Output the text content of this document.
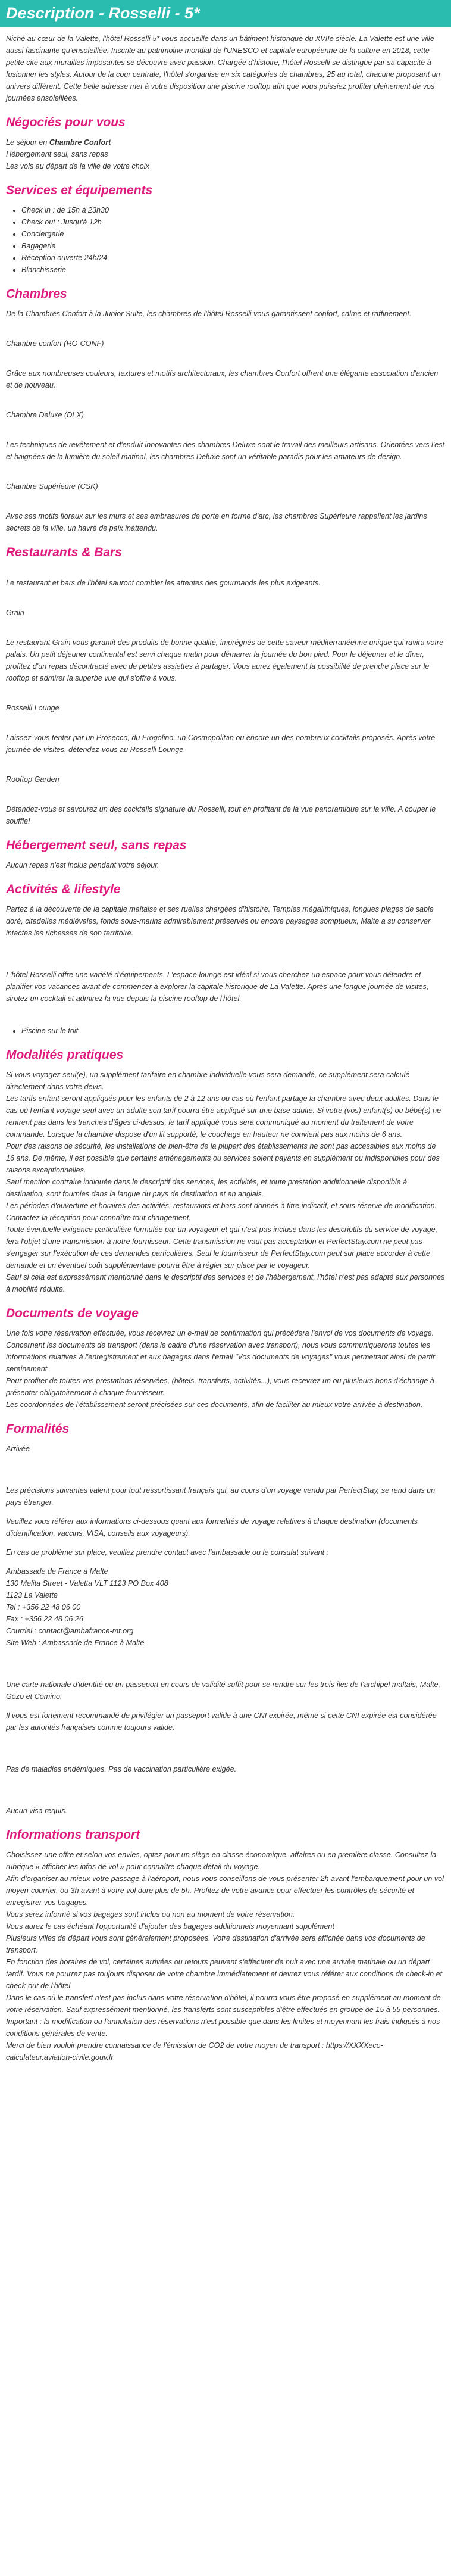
Description - Rosselli - 5*

Niché au cœur de la Valette, l'hôtel Rosselli 5* vous accueille dans un bâtiment historique du XVIIe siècle. La Valette est une ville aussi fascinante qu'ensoleillée. Inscrite au patrimoine mondial de l'UNESCO et capitale européenne de la culture en 2018, cette petite cité aux murailles imposantes se découvre avec passion. Chargée d'histoire, l'hôtel Rosselli se distingue par sa capacité à fusionner les styles. Autour de la cour centrale, l'hôtel s'organise en six catégories de chambres, 25 au total, chacune proposant un univers différent. Cette belle adresse met à votre disposition une piscine rooftop afin que vous puissiez profiter pleinement de vos journées ensoleillées.

Négociés pour vous

Le séjour en Chambre Confort
Hébergement seul, sans repas
Les vols au départ de la ville de votre choix

Services et équipements
• Check in : de 15h à 23h30
• Check out : Jusqu'à 12h
• Conciergerie
• Bagagerie
• Réception ouverte 24h/24
• Blanchisserie
Chambres

De la Chambres Confort à la Junior Suite, les chambres de l'hôtel Rosselli vous garantissent confort, calme et raffinement.

Chambre confort (RO-CONF)

Grâce aux nombreuses couleurs, textures et motifs architecturaux, les chambres Confort offrent une élégante association d'ancien et de nouveau.

Chambre Deluxe (DLX)

Les techniques de revêtement et d'enduit innovantes des chambres Deluxe sont le travail des meilleurs artisans. Orientées vers l'est et baignées de la lumière du soleil matinal, les chambres Deluxe sont un véritable paradis pour les amateurs de design.

Chambre Supérieure (CSK)

Avec ses motifs floraux sur les murs et ses embrasures de porte en forme d'arc, les chambres Supérieure rappellent les jardins secrets de la ville, un havre de paix inattendu.

Restaurants & Bars

Le restaurant et bars de l'hôtel sauront combler les attentes des gourmands les plus exigeants.

Grain

Le restaurant Grain vous garantit des produits de bonne qualité, imprégnés de cette saveur méditerranéenne unique qui ravira votre palais. Un petit déjeuner continental est servi chaque matin pour démarrer la journée du bon pied. Pour le déjeuner et le dîner, profitez d'un repas décontracté avec de petites assiettes à partager. Vous aurez également la possibilité de prendre place sur le rooftop et admirer la superbe vue qui s'offre à vous.

Rosselli Lounge

Laissez-vous tenter par un Prosecco, du Frogolino, un Cosmopolitan ou encore un des nombreux cocktails proposés. Après votre journée de visites, détendez-vous au Rosselli Lounge.

Rooftop Garden

Détendez-vous et savourez un des cocktails signature du Rosselli, tout en profitant de la vue panoramique sur la ville. A couper le souffle!

Hébergement seul, sans repas

Aucun repas n'est inclus pendant votre séjour.

Activités & lifestyle

Partez à la découverte de la capitale maltaise et ses ruelles chargées d'histoire. Temples mégalithiques, longues plages de sable doré, citadelles médiévales, fonds sous-marins admirablement préservés ou encore paysages somptueux, Malte a su conserver intactes les richesses de son territoire.

L'hôtel Rosselli offre une variété d'équipements. L'espace lounge est idéal si vous cherchez un espace pour vous détendre et planifier vos vacances avant de commencer à explorer la capitale historique de La Valette. Après une longue journée de visites, sirotez un cocktail et admirez la vue depuis la piscine rooftop de l'hôtel.

• Piscine sur le toit
Modalités pratiques

Si vous voyagez seul(e), un supplément tarifaire en chambre individuelle vous sera demandé, ce supplément sera calculé directement dans votre devis.

Les tarifs enfant seront appliqués pour les enfants de 2 à 12 ans ou cas où l'enfant partage la chambre avec deux adultes. Dans le cas où l'enfant voyage seul avec un adulte son tarif pourra être appliqué sur une base adulte. Si votre (vos) enfant(s) ou bébé(s) ne rentrent pas dans les tranches d'âges ci-dessus, le tarif appliqué vous sera communiqué au moment du traitement de votre commande. Lorsque la chambre dispose d'un lit supporté, le couchage en hauteur ne convient pas aux moins de 6 ans.

Pour des raisons de sécurité, les installations de bien-être de la plupart des établissements ne sont pas accessibles aux moins de 16 ans. De même, il est possible que certains aménagements ou services soient payants en supplément ou indisponibles pour des raisons exceptionnelles.

Sauf mention contraire indiquée dans le descriptif des services, les activités, et toute prestation additionnelle disponible à destination, sont fournies dans la langue du pays de destination et en anglais.

Les périodes d'ouverture et horaires des activités, restaurants et bars sont donnés à titre indicatif, et sous réserve de modification. Contactez la réception pour connaître tout changement.

Toute éventuelle exigence particulière formulée par un voyageur et qui n'est pas incluse dans les descriptifs du service de voyage, fera l'objet d'une transmission à notre fournisseur. Cette transmission ne vaut pas acceptation et PerfectStay.com ne peut pas s'engager sur l'exécution de ces demandes particulières. Seul le fournisseur de PerfectStay.com peut sur place accorder à cette demande et un éventuel coût supplémentaire pourra être à régler sur place par le voyageur.

Sauf si cela est expressément mentionné dans le descriptif des services et de l'hébergement, l'hôtel n'est pas adapté aux personnes à mobilité réduite.

Documents de voyage

Une fois votre réservation effectuée, vous recevrez un e-mail de confirmation qui précédera l'envoi de vos documents de voyage.

Concernant les documents de transport (dans le cadre d'une réservation avec transport), nous vous communiquerons toutes les informations relatives à l'enregistrement et aux bagages dans l'email "Vos documents de voyages" vous permettant ainsi de partir sereinement.

Pour profiter de toutes vos prestations réservées, (hôtels, transferts, activités...), vous recevrez un ou plusieurs bons d'échange à présenter obligatoirement à chaque fournisseur.

Les coordonnées de l'établissement seront précisées sur ces documents, afin de faciliter au mieux votre arrivée à destination.

Formalités

Arrivée

Les précisions suivantes valent pour tout ressortissant français qui, au cours d'un voyage vendu par PerfectStay, se rend dans un pays étranger.

Veuillez vous référer aux informations ci-dessous quant aux formalités de voyage relatives à chaque destination (documents d'identification, vaccins, VISA, conseils aux voyageurs).

En cas de problème sur place, veuillez prendre contact avec l'ambassade ou le consulat suivant :

Ambassade de France à Malte

130 Melita Street - Valetta VLT 1123 PO Box 408

1123 La Valette

Tel : +356 22 48 06 00

Fax : +356 22 48 06 26

Courriel : contact@ambafrance-mt.org

Site Web : Ambassade de France à Malte

Une carte nationale d'identité ou un passeport en cours de validité suffit pour se rendre sur les trois îles de l'archipel maltais, Malte, Gozo et Comino.

Il vous est fortement recommandé de privilégier un passeport valide à une CNI expirée, même si cette CNI expirée est considérée par les autorités françaises comme toujours valide.

Pas de maladies endémiques. Pas de vaccination particulière exigée.

Aucun visa requis.

Informations transport

Choisissez une offre et selon vos envies, optez pour un siège en classe économique, affaires ou en première classe. Consultez la rubrique « afficher les infos de vol » pour connaître chaque détail du voyage.

Afin d'organiser au mieux votre passage à l'aéroport, nous vous conseillons de vous présenter 2h avant l'embarquement pour un vol moyen-courrier, ou 3h avant à votre vol dure plus de 5h. Profitez de votre avance pour effectuer les contrôles de sécurité et enregistrer vos bagages.

Vous serez informé si vos bagages sont inclus ou non au moment de votre réservation.

Vous aurez le cas échéant l'opportunité d'ajouter des bagages additionnels moyennant supplément

Plusieurs villes de départ vous sont généralement proposées. Votre destination d'arrivée sera affichée dans vos documents de transport.

En fonction des horaires de vol, certaines arrivées ou retours peuvent s'effectuer de nuit avec une arrivée matinale ou un départ tardif. Vous ne pourrez pas toujours disposer de votre chambre immédiatement et devrez vous référer aux conditions de check-in et check-out de l'hôtel.

Dans le cas où le transfert n'est pas inclus dans votre réservation d'hôtel, il pourra vous être proposé en supplément au moment de votre réservation. Sauf expressément mentionné, les transferts sont susceptibles d'être effectués en groupe de 15 à 55 personnes.

Important : la modification ou l'annulation des réservations n'est possible que dans les limites et moyennant les frais indiqués à nos conditions générales de vente.

Merci de bien vouloir prendre connaissance de l'émission de CO2 de votre moyen de transport : https://XXXXeco-calculateur.aviation-civile.gouv.fr
